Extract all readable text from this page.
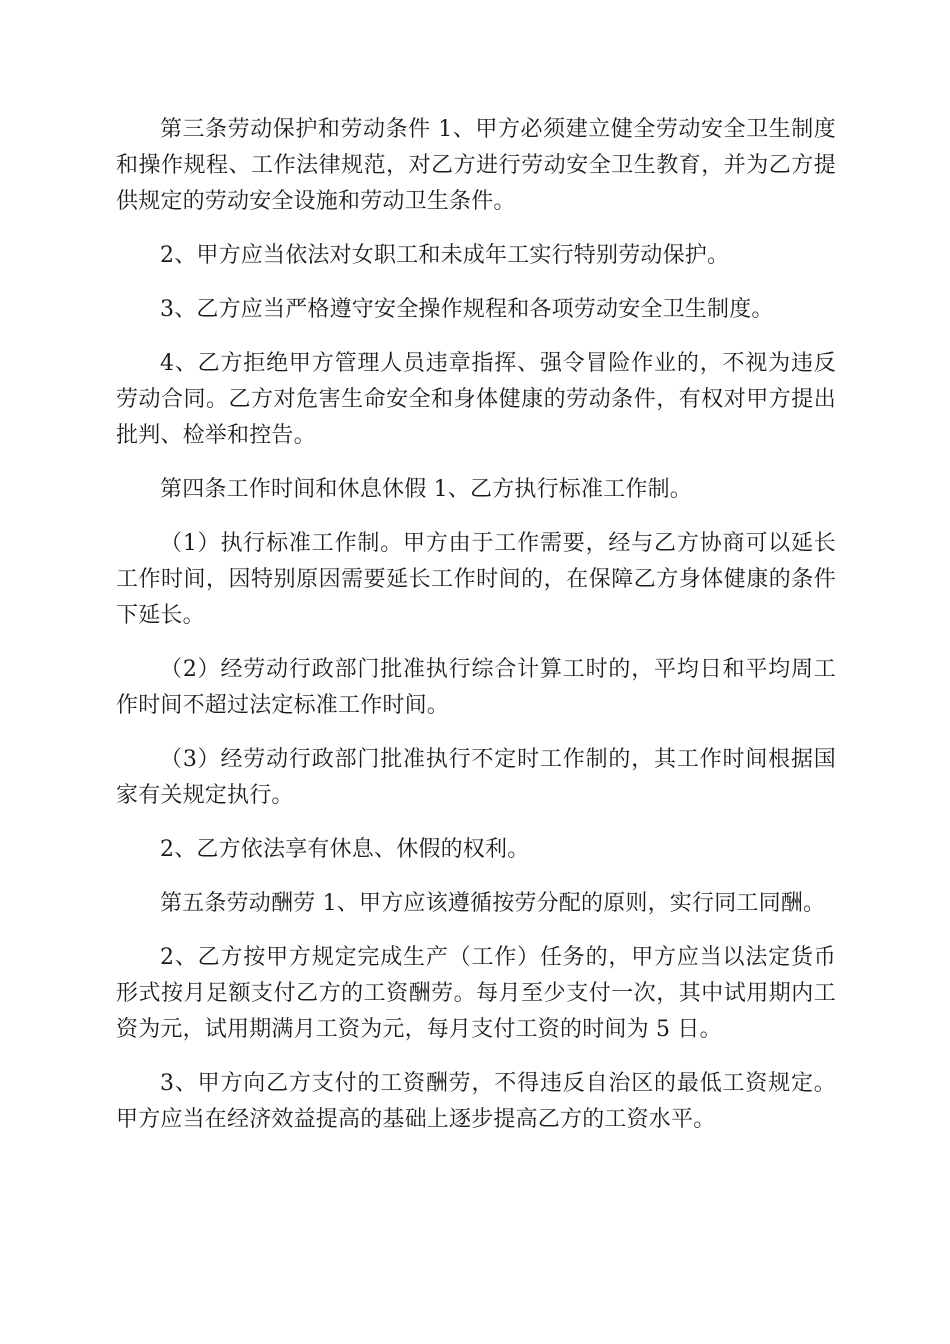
第三条劳动保护和劳动条件 1、甲方必须建立健全劳动安全卫生制度和操作规程、工作法律规范，对乙方进行劳动安全卫生教育，并为乙方提供规定的劳动安全设施和劳动卫生条件。

2、甲方应当依法对女职工和未成年工实行特别劳动保护。

3、乙方应当严格遵守安全操作规程和各项劳动安全卫生制度。

4、乙方拒绝甲方管理人员违章指挥、强令冒险作业的，不视为违反劳动合同。乙方对危害生命安全和身体健康的劳动条件，有权对甲方提出批判、检举和控告。

第四条工作时间和休息休假 1、乙方执行标准工作制。

（1）执行标准工作制。甲方由于工作需要，经与乙方协商可以延长工作时间，因特别原因需要延长工作时间的，在保障乙方身体健康的条件下延长。

（2）经劳动行政部门批准执行综合计算工时的，平均日和平均周工作时间不超过法定标准工作时间。

（3）经劳动行政部门批准执行不定时工作制的，其工作时间根据国家有关规定执行。

2、乙方依法享有休息、休假的权利。

第五条劳动酬劳 1、甲方应该遵循按劳分配的原则，实行同工同酬。

2、乙方按甲方规定完成生产（工作）任务的，甲方应当以法定货币形式按月足额支付乙方的工资酬劳。每月至少支付一次，其中试用期内工资为元，试用期满月工资为元，每月支付工资的时间为 5 日。

3、甲方向乙方支付的工资酬劳，不得违反自治区的最低工资规定。甲方应当在经济效益提高的基础上逐步提高乙方的工资水平。
